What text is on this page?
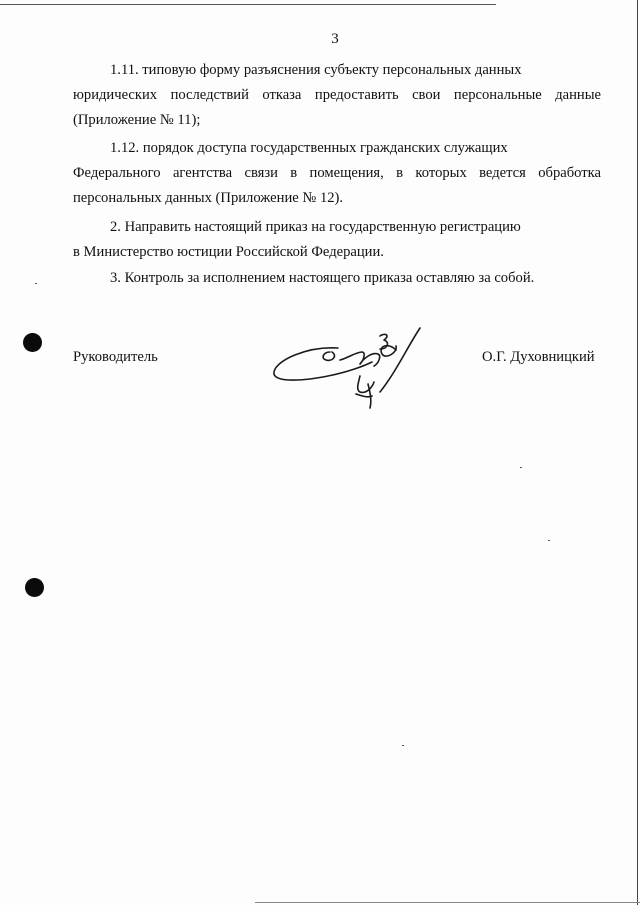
3

1.11. типовую форму разъяснения субъекту персональных данных
юридических последствий отказа предоставить свои персональные данные (Приложение № 11);

1.12. порядок доступа государственных гражданских служащих
Федерального агентства связи в помещения, в которых ведется обработка персональных данных (Приложение № 12).

2. Направить настоящий приказ на государственную регистрацию
в Министерство юстиции Российской Федерации.

3. Контроль за исполнением настоящего приказа оставляю за собой.

Руководитель	О.Г. Духовницкий
